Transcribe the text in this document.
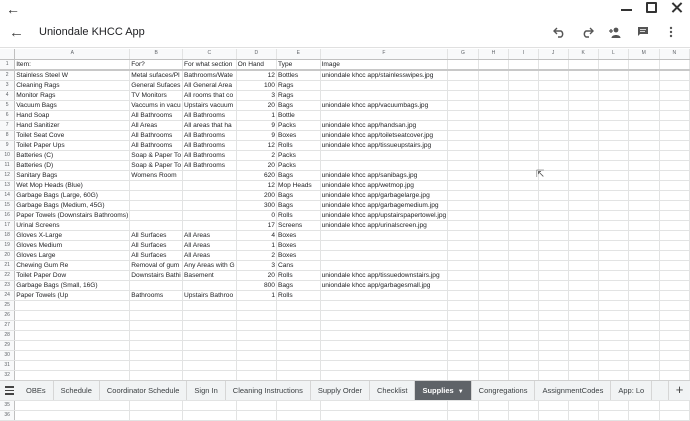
←
← Uniondale KHCC App
	A	B	C	D	E	F	G	H	I	J	K	L	M	N
1	Item:	For?	For what section	On Hand	Type	Image								
2	Stainless Steel W	Metal sufaces/Pl	Bathrooms/Wate	12	Bottles	uniondale khcc app/stainlesswipes.jpg								
3	Cleaning Rags	General Sufaces	All General Area	100	Rags									
4	Monitor Rags	TV Monitors	All rooms that co	3	Rags									
5	Vacuum Bags	Vaccums in vacu	Upstairs vacuum	20	Bags	uniondale khcc app/vacuumbags.jpg								
6	Hand Soap	All Bathrooms	All Bathrooms	1	Bottle									
7	Hand Sanitizer	All Areas	All areas that ha	9	Packs	uniondale khcc app/handsan.jpg								
8	Toilet Seat Cove	All Bathrooms	All Bathrooms	9	Boxes	uniondale khcc app/toiletseatcover.jpg								
9	Toilet Paper Ups	All Bathrooms	All Bathrooms	12	Rolls	uniondale khcc app/tissueupstairs.jpg								
10	Batteries (C)	Soap & Paper To	All Bathrooms	2	Packs									
11	Batteries (D)	Soap & Paper To	All Bathrooms	20	Packs									
12	Sanitary Bags	Womens Room		620	Bags	uniondale khcc app/sanibags.jpg								
13	Wet Mop Heads (Blue)			12	Mop Heads	uniondale khcc app/wetmop.jpg								
14	Garbage Bags (Large, 60G)			200	Bags	uniondale khcc app/garbagelarge.jpg								
15	Garbage Bags (Medium, 45G)			300	Bags	uniondale khcc app/garbagemedium.jpg								
16	Paper Towels (Downstairs Bathrooms)			0	Rolls	uniondale khcc app/upstairspapertowel.jpg								
17	Urinal Screens			17	Screens	uniondale khcc app/urinalscreen.jpg								
18	Gloves X-Large	All Surfaces	All Areas	4	Boxes									
19	Gloves Medium	All Surfaces	All Areas	1	Boxes									
20	Gloves Large	All Surfaces	All Areas	2	Boxes									
21	Chewing Gum Re	Removal of gum	Any Areas with G	3	Cans									
22	Toilet Paper Dow	Downstairs Bathi	Basement	20	Rolls	uniondale khcc app/tissuedownstairs.jpg								
23	Garbage Bags (Small, 16G)			800	Bags	uniondale khcc app/garbagesmall.jpg								
24	Paper Towels (Up	Bathrooms	Upstairs Bathroo	1	Rolls									
25														
26														
27														
28														
29														
30														
31														
32														

35														
36														
⇱
OBEs	Schedule	Coordinator Schedule	Sign In	Cleaning Instructions	Supply Order	Checklist	Supplies ▼	Congregations	AssignmentCodes	App: Lo	+
